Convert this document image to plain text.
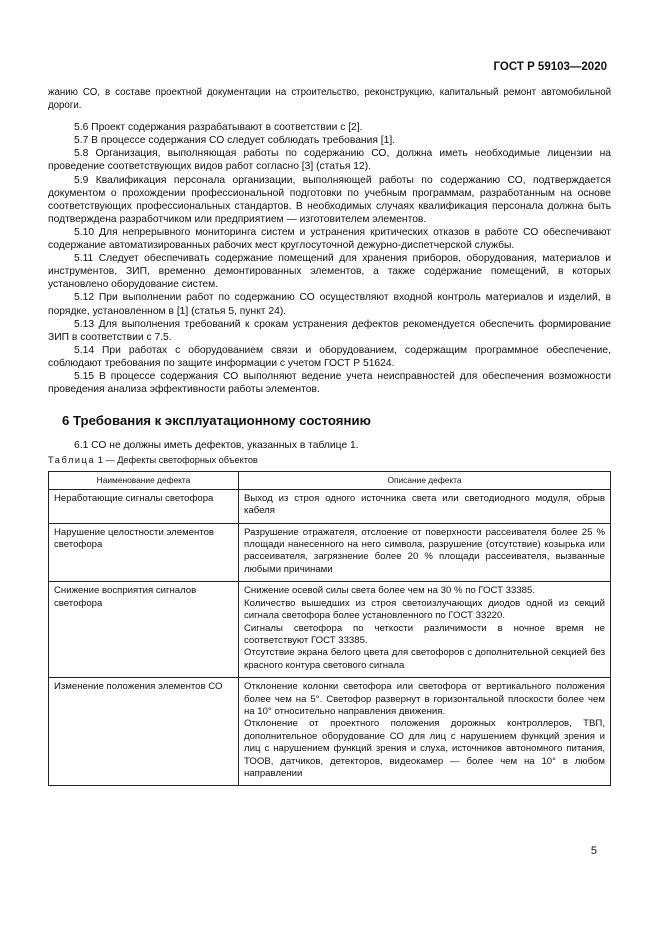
ГОСТ Р 59103—2020

жанию СО, в составе проектной документации на строительство, реконструкцию, капитальный ремонт автомобильной дороги.

5.6 Проект содержания разрабатывают в соответствии с [2].

5.7 В процессе содержания СО следует соблюдать требования [1].

5.8 Организация, выполняющая работы по содержанию СО, должна иметь необходимые лицензии на проведение соответствующих видов работ согласно [3] (статья 12).

5.9 Квалификация персонала организации, выполняющей работы по содержанию СО, подтверждается документом о прохождении профессиональной подготовки по учебным программам, разработанным на основе соответствующих профессиональных стандартов. В необходимых случаях квалификация персонала должна быть подтверждена разработчиком или предприятием — изготовителем элементов.

5.10 Для непрерывного мониторинга систем и устранения критических отказов в работе СО обеспечивают содержание автоматизированных рабочих мест круглосуточной дежурно-диспетчерской службы.

5.11 Следует обеспечивать содержание помещений для хранения приборов, оборудования, материалов и инструментов, ЗИП, временно демонтированных элементов, а также содержание помещений, в которых установлено оборудование систем.

5.12 При выполнении работ по содержанию СО осуществляют входной контроль материалов и изделий, в порядке, установленном в [1] (статья 5, пункт 24).

5.13 Для выполнения требований к срокам устранения дефектов рекомендуется обеспечить формирование ЗИП в соответствии с 7.5.

5.14 При работах с оборудованием связи и оборудованием, содержащим программное обеспечение, соблюдают требования по защите информации с учетом ГОСТ Р 51624.

5.15 В процессе содержания СО выполняют ведение учета неисправностей для обеспечения возможности проведения анализа эффективности работы элементов.

6 Требования к эксплуатационному состоянию

6.1 СО не должны иметь дефектов, указанных в таблице 1.

Таблица 1 — Дефекты светофорных объектов
Наименование дефекта	Описание дефекта
Неработающие сигналы светофора	Выход из строя одного источника света или светодиодного модуля, обрыв кабеля
Нарушение целостности элементов светофора	Разрушение отражателя, отслоение от поверхности рассеивателя более 25 % площади нанесенного на него символа, разрушение (отсутствие) козырька или рассеивателя, загрязнение более 20 % площади рассеивателя, вызванные любыми причинами
Снижение восприятия сигналов светофора	Снижение осевой силы света более чем на 30 % по ГОСТ 33385.
Количество вышедших из строя светоизлучающих диодов одной из секций сигнала светофора более установленного по ГОСТ 33220.
Сигналы светофора по четкости различимости в ночное время не соответствуют ГОСТ 33385.
Отсутствие экрана белого цвета для светофоров с дополнительной секцией без красного контура светового сигнала

Изменение положения элементов СО	Отклонение колонки светофора или светофора от вертикального положения более чем на 5°. Светофор развернут в горизонтальной плоскости более чем на 10° относительно направления движения.
Отклонение от проектного положения дорожных контроллеров, ТВП, дополнительное оборудование СО для лиц с нарушением функций зрения и лиц с нарушением функций зрения и слуха, источников автономного питания, ТООВ, датчиков, детекторов, видеокамер — более чем на 10° в любом направлении
5
